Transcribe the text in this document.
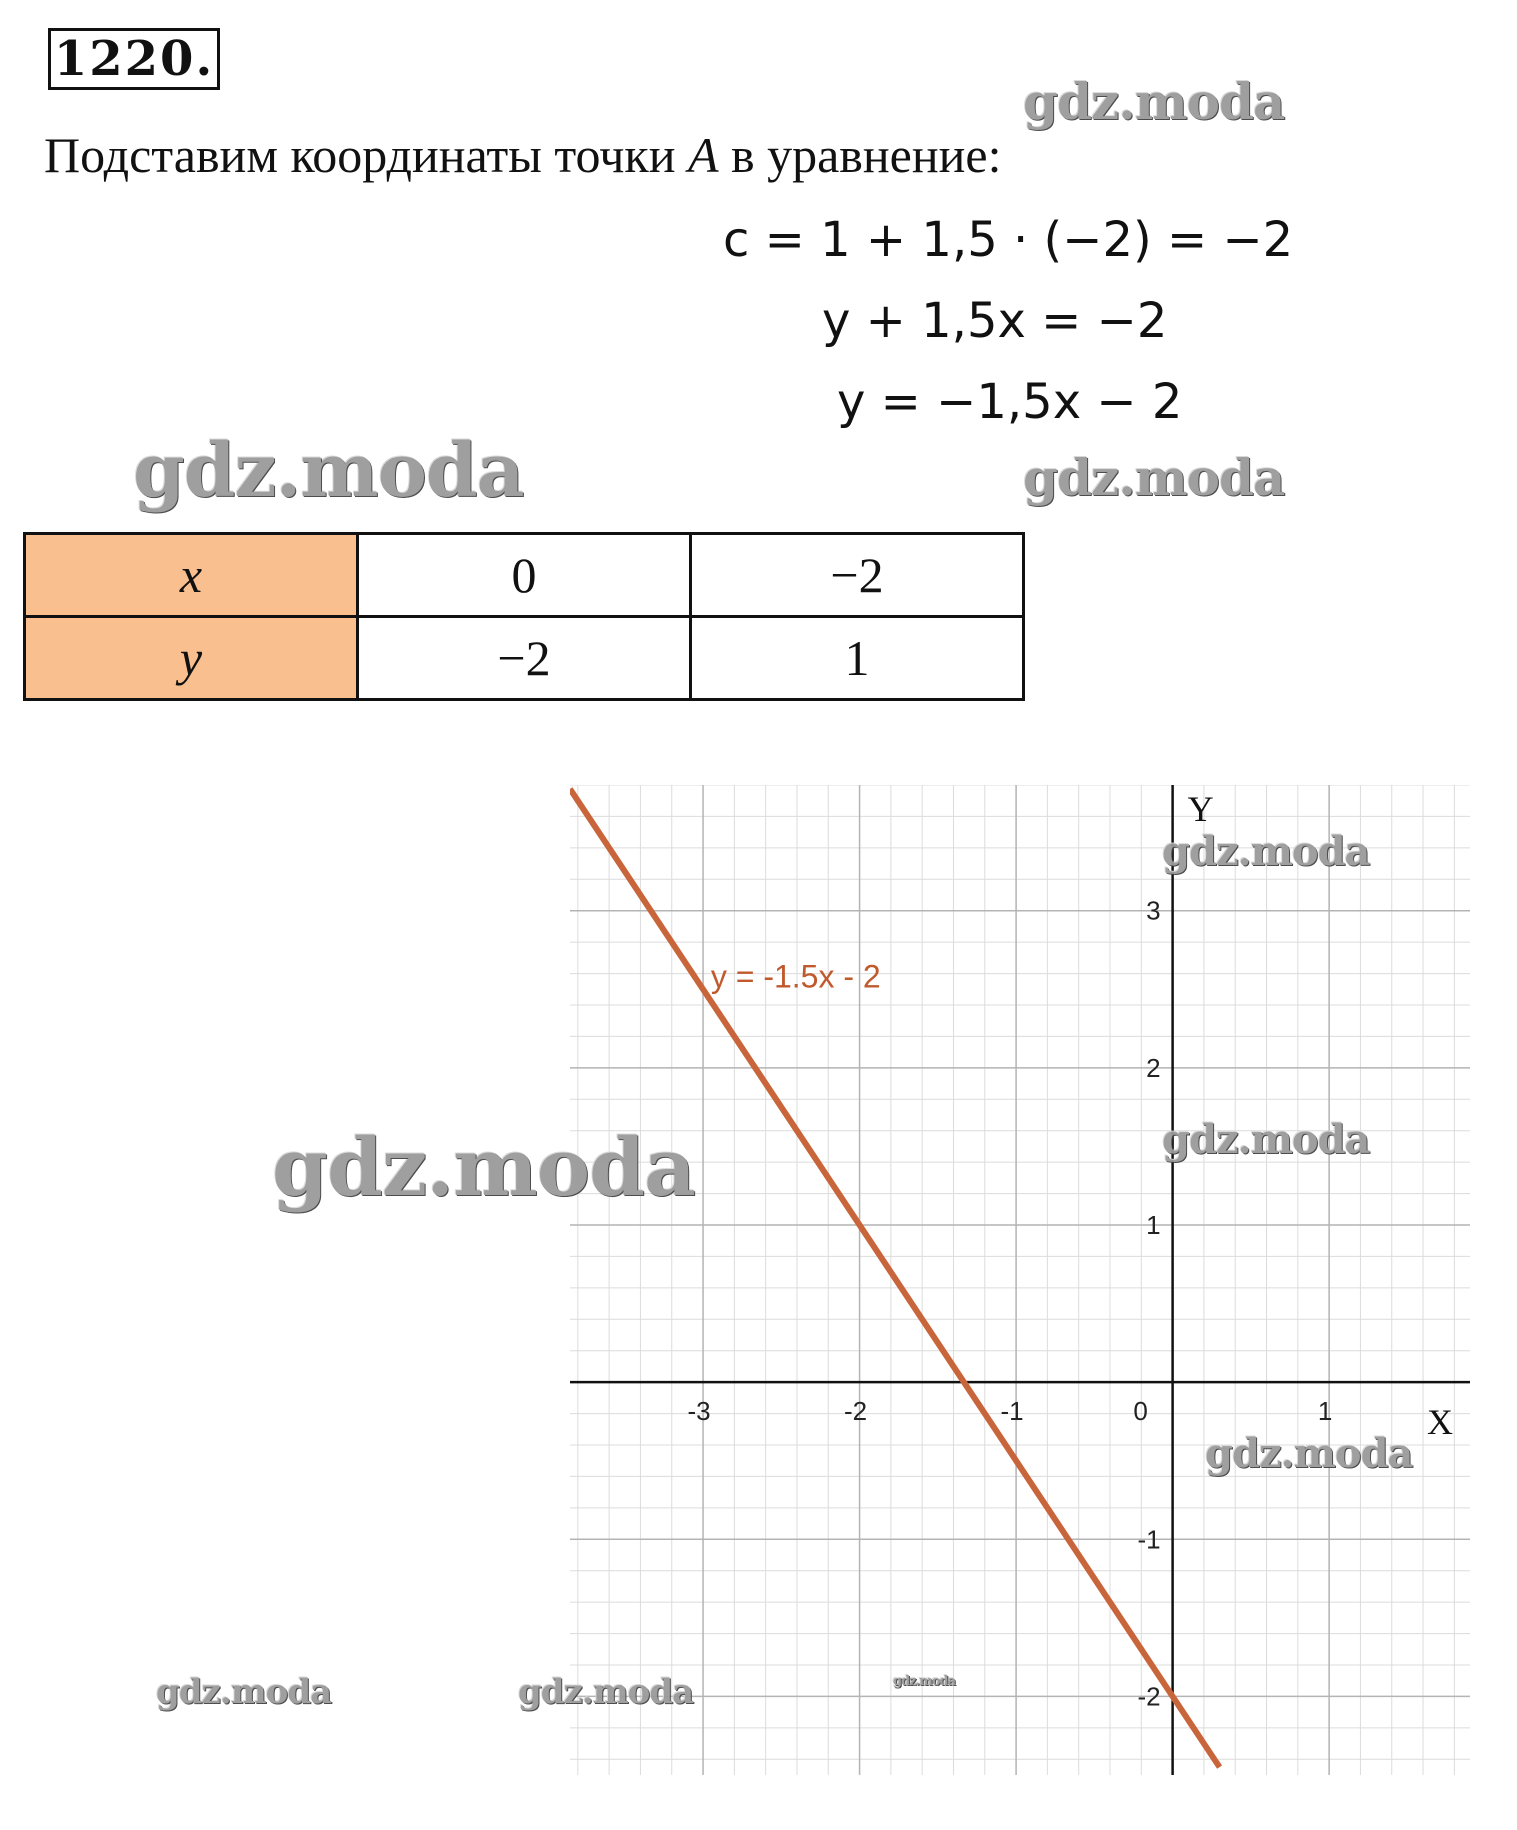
1220.
Подставим координаты точки A в уравнение:
c = 1 + 1,5 · (−2) = −2
y + 1,5x = −2
y = −1,5x − 2
gdz.moda
gdz.moda	gdz.moda
x	0	−2
y	−2	1
-3	-2	-1	0	1
-2
-1
1
2
3
X
Y
y = -1.5x - 2
gdz.moda
gdz.moda	gdz.moda
gdz.moda
gdz.moda	gdz.moda	gdz.moda
